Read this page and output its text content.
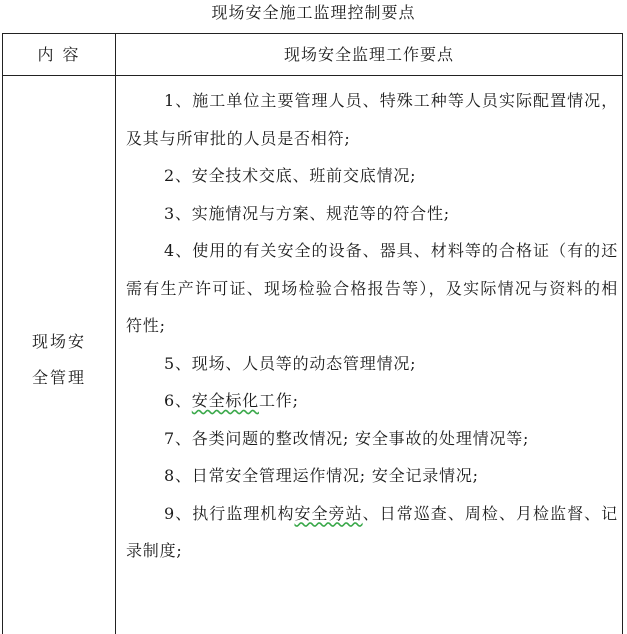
现场安全施工监理控制要点
内 容	现场安全监理工作要点
现场安
全管理
1、施工单位主要管理人员、特殊工种等人员实际配置情况，及其与所审批的人员是否相符;
2、安全技术交底、班前交底情况;
3、实施情况与方案、规范等的符合性;
4、使用的有关安全的设备、器具、材料等的合格证（有的还需有生产许可证、现场检验合格报告等），及实际情况与资料的相符性;
5、现场、人员等的动态管理情况;
6、安全标化工作;
7、各类问题的整改情况; 安全事故的处理情况等;
8、日常安全管理运作情况; 安全记录情况;
9、执行监理机构安全旁站、日常巡查、周检、月检监督、记录制度;
